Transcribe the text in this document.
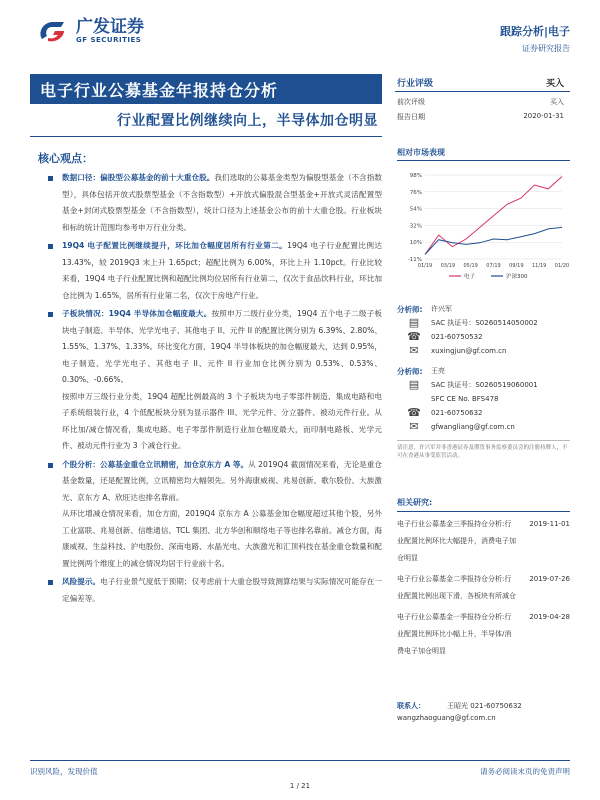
广发证券
GF SECURITIES
跟踪分析|电子
证券研究报告
电子行业公募基金年报持仓分析
行业配置比例继续向上，半导体加仓明显
行业评级	买入
前次评级	买入
报告日期	2020-01-31
核心观点：

数据口径：偏股型公募基金的前十大重仓股。我们选取的公募基金类型为偏股型基金（不含指数型），具体包括开放式股票型基金（不含指数型）+开放式偏股混合型基金+开放式灵活配置型基金+封闭式股票型基金（不含指数型），统计口径为上述基金公布的前十大重仓股。行业板块和标的统计范围均参考申万行业分类。

19Q4 电子配置比例继续提升，环比加仓幅度居所有行业第二。19Q4 电子行业配置比例达 13.43%，较 2019Q3 末上升 1.65pct；超配比例为 6.00%，环比上升 1.10pct。行业比较来看，19Q4 电子行业配置比例和超配比例均位居所有行业第二，仅次于食品饮料行业，环比加仓比例为 1.65%，居所有行业第二名，仅次于房地产行业。

子板块情况：19Q4 半导体加仓幅度最大。按照申万二级行业分类，19Q4 五个电子二级子板块电子制造、半导体、光学光电子、其他电子 II、元件 II 的配置比例分别为 6.39%、2.80%、1.55%、1.37%、1.33%。环比变化方面，19Q4 半导体板块的加仓幅度最大，达到 0.95%，电子制造、光学光电子、其他电子 II、元件 II 行业加仓比例分别为 0.53%、0.53%、0.30%、-0.66%。

按照申万三级行业分类，19Q4 超配比例最高的 3 个子板块为电子零部件制造、集成电路和电子系统组装行业，4 个低配板块分别为显示器件 III、光学元件、分立器件、被动元件行业。从环比加/减仓情况看，集成电路、电子零部件制造行业加仓幅度最大，而印制电路板、光学元件、被动元件行业为 3 个减仓行业。

个股分析：公募基金重仓立讯精密，加仓京东方 A 等。从 2019Q4 截面情况来看，无论是重仓基金数量，还是配置比例，立讯精密均大幅领先。另外海康威视、兆易创新、歌尔股份、大族激光、京东方 A、欣旺达也排名靠前。

从环比增减仓情况来看，加仓方面，2019Q4 京东方 A 公募基金加仓幅度超过其他个股，另外工业富联、兆易创新、信维通信、TCL 集团、北方华创和顺络电子等也排名靠前。减仓方面，海康威视、生益科技、沪电股份、深南电路、水晶光电、大族激光和汇顶科技在基金重仓数量和配置比例两个维度上的减仓情况均居于行业前十名。

风险提示。电子行业景气度低于预期；仅考虑前十大重仓股导致测算结果与实际情况可能存在一定偏差等。

相对市场表现
-11%
10%
32%
54%
76%
98%
01/19 03/19 05/19 07/19 09/19 11/19 01/20
电子	沪深300
分析师:	许兴军
▤ SAC 执证号：S0260514050002
☎ 021-60750532
✉ xuxingjun@gf.com.cn
分析师:	王亮
▤ SAC 执证号：S0260519060001
SFC CE No. BFS478
☎ 021-60750632
✉ gfwangliang@gf.com.cn
请注意，许兴军并非香港证券及期货事务监察委员会的注册持牌人，不可在香港从事受监管活动。
相关研究:
电子行业公募基金三季报持仓分析:行业配置比例环比大幅提升，消费电子加仓明显
2019-11-01
电子行业公募基金二季报持仓分析:行业配置比例出现下滑，各板块有所减仓
2019-07-26
电子行业公募基金一季报持仓分析:行业配置比例环比小幅上升，半导体/消费电子加仓明显
2019-04-28
联系人：	王昭光 021-60750632
wangzhaoguang@gf.com.cn
识别风险，发现价值	请务必阅读末页的免责声明
1 / 21
